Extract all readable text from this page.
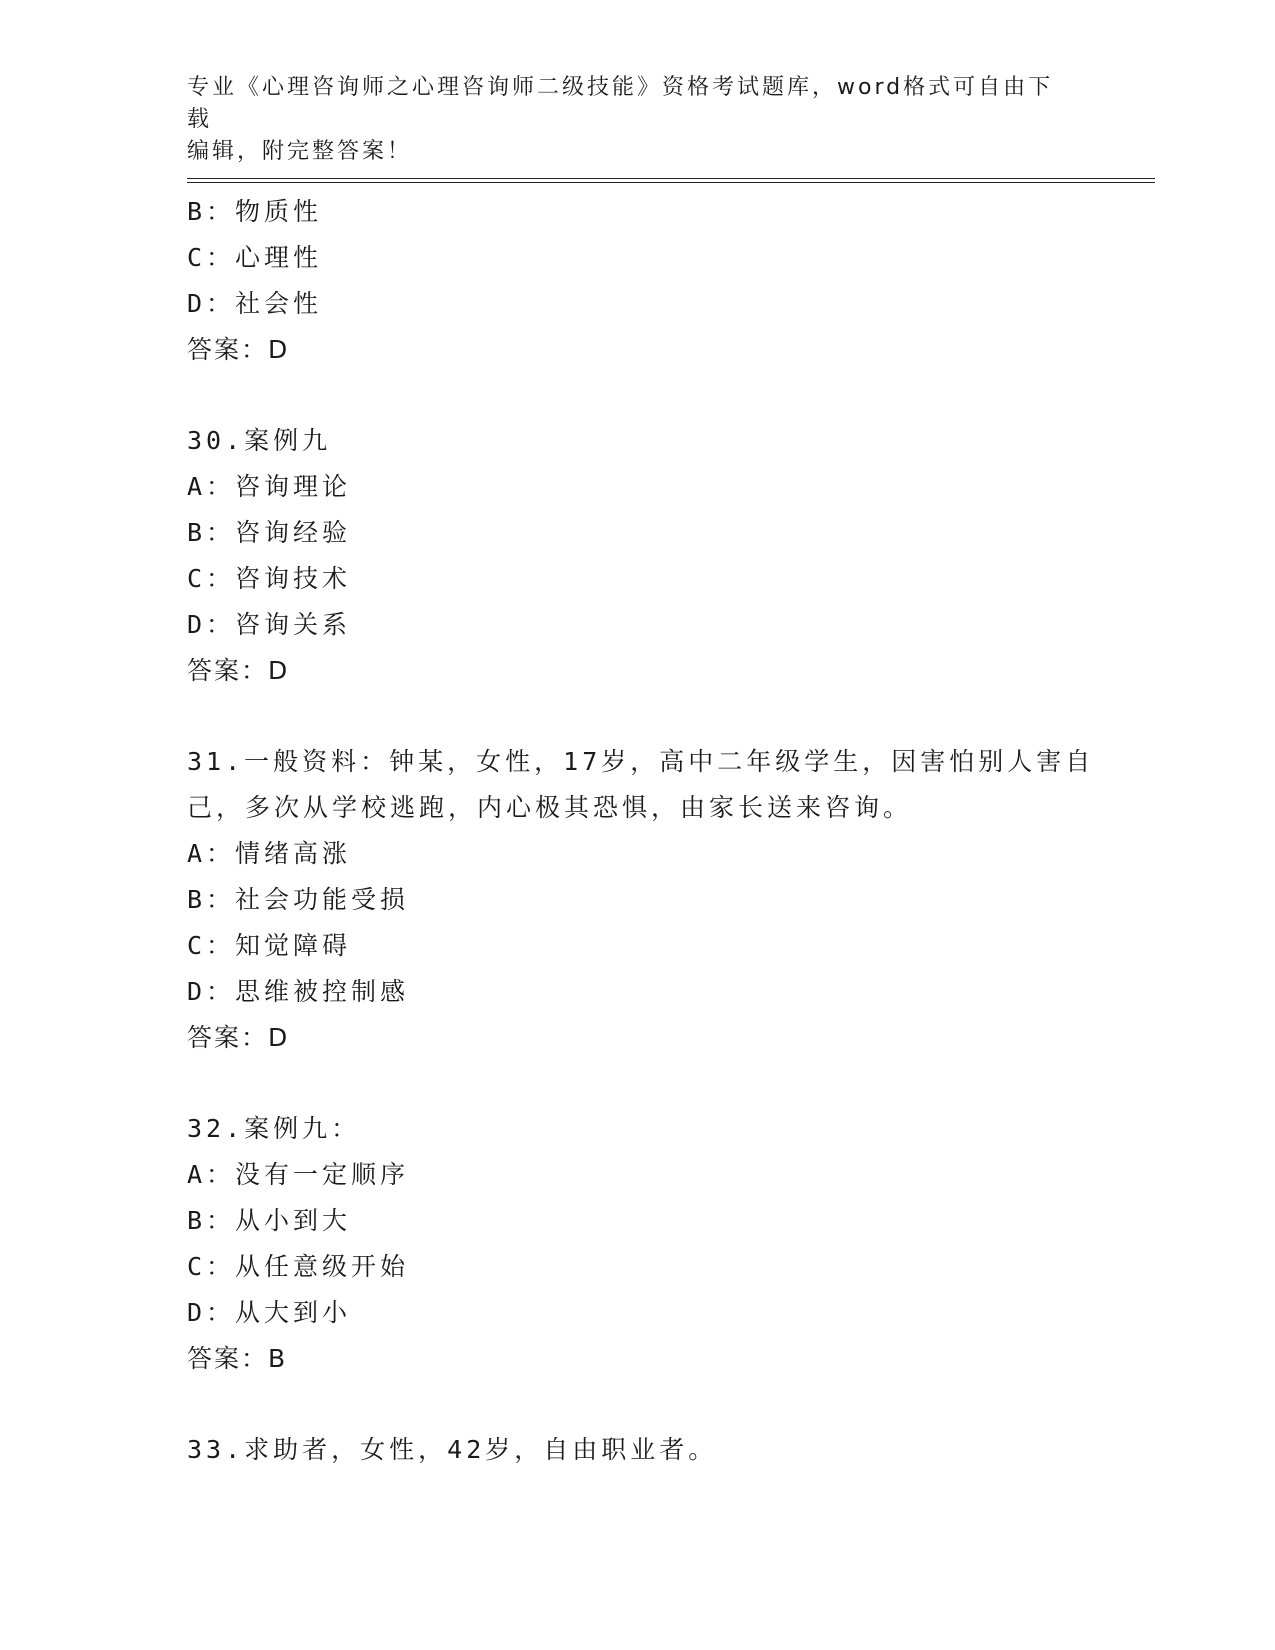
专业《心理咨询师之心理咨询师二级技能》资格考试题库，word格式可自由下载
编辑，附完整答案！
B：物质性
C：心理性
D：社会性
答案：D
30.案例九
A：咨询理论
B：咨询经验
C：咨询技术
D：咨询关系
答案：D
31.一般资料：钟某，女性，17岁，高中二年级学生，因害怕别人害自
己，多次从学校逃跑，内心极其恐惧，由家长送来咨询。
A：情绪高涨
B：社会功能受损
C：知觉障碍
D：思维被控制感
答案：D
32.案例九：
A：没有一定顺序
B：从小到大
C：从任意级开始
D：从大到小
答案：B
33.求助者，女性，42岁，自由职业者。
